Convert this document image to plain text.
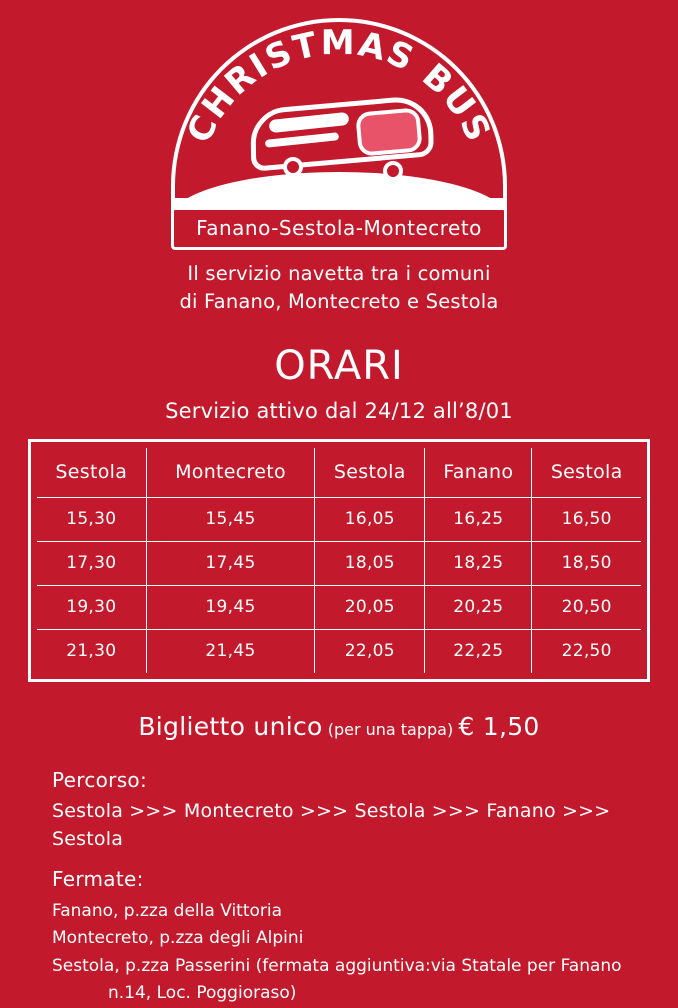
CHRISTMAS BUS
Fanano-Sestola-Montecreto
Il servizio navetta tra i comuni
di Fanano, Montecreto e Sestola
ORARI
Servizio attivo dal 24/12 all’8/01
Sestola	Montecreto	Sestola	Fanano	Sestola
15,30	15,45	16,05	16,25	16,50
17,30	17,45	18,05	18,25	18,50
19,30	19,45	20,05	20,25	20,50
21,30	21,45	22,05	22,25	22,50
Biglietto unico (per una tappa) € 1,50
Percorso:
Sestola >>> Montecreto >>> Sestola >>> Fanano >>> Sestola
Fermate:
Fanano, p.zza della Vittoria
Montecreto, p.zza degli Alpini
Sestola, p.zza Passerini (fermata aggiuntiva:via Statale per Fanano
n.14, Loc. Poggioraso)
